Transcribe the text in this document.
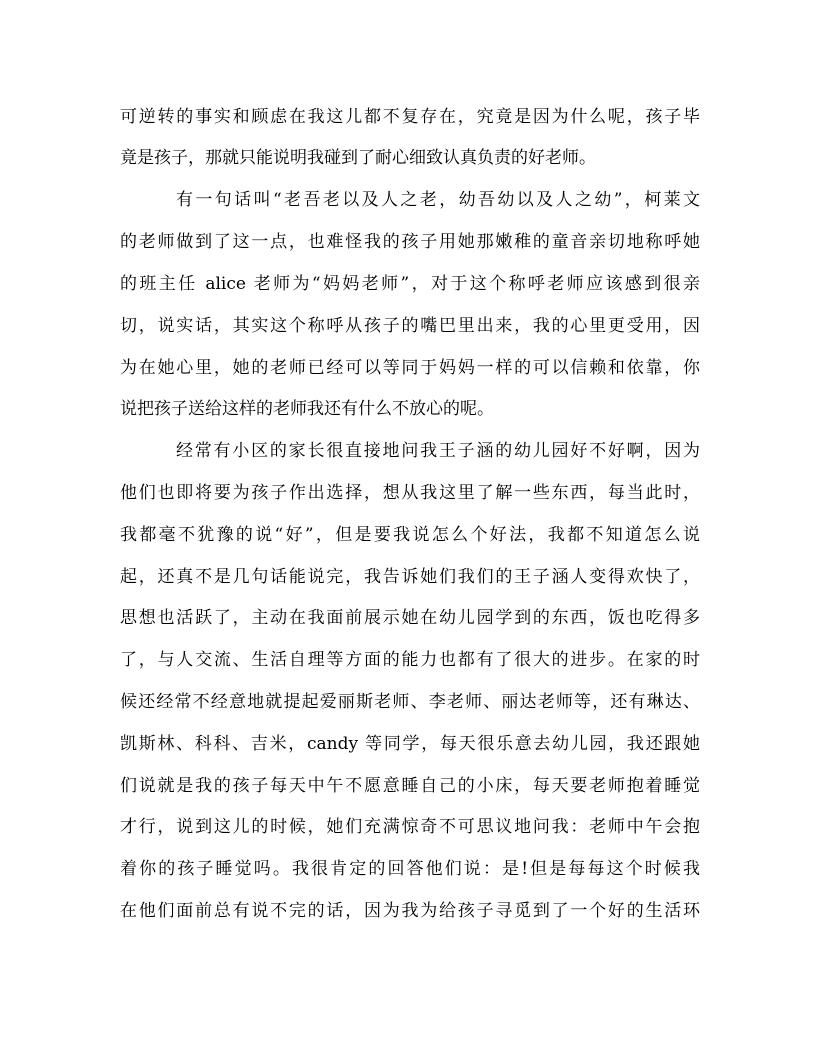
可逆转的事实和顾虑在我这儿都不复存在，究竟是因为什么呢，孩子毕
竟是孩子，那就只能说明我碰到了耐心细致认真负责的好老师。
有一句话叫“老吾老以及人之老，幼吾幼以及人之幼”，柯莱文
的老师做到了这一点，也难怪我的孩子用她那嫩稚的童音亲切地称呼她
的班主任 alice 老师为“妈妈老师”，对于这个称呼老师应该感到很亲
切，说实话，其实这个称呼从孩子的嘴巴里出来，我的心里更受用，因
为在她心里，她的老师已经可以等同于妈妈一样的可以信赖和依靠，你
说把孩子送给这样的老师我还有什么不放心的呢。
经常有小区的家长很直接地问我王子涵的幼儿园好不好啊，因为
他们也即将要为孩子作出选择，想从我这里了解一些东西，每当此时，
我都毫不犹豫的说“好”，但是要我说怎么个好法，我都不知道怎么说
起，还真不是几句话能说完，我告诉她们我们的王子涵人变得欢快了，
思想也活跃了，主动在我面前展示她在幼儿园学到的东西，饭也吃得多
了，与人交流、生活自理等方面的能力也都有了很大的进步。在家的时
候还经常不经意地就提起爱丽斯老师、李老师、丽达老师等，还有琳达、
凯斯林、科科、吉米，candy 等同学，每天很乐意去幼儿园，我还跟她
们说就是我的孩子每天中午不愿意睡自己的小床，每天要老师抱着睡觉
才行，说到这儿的时候，她们充满惊奇不可思议地问我：老师中午会抱
着你的孩子睡觉吗。我很肯定的回答他们说：是!但是每每这个时候我
在他们面前总有说不完的话，因为我为给孩子寻觅到了一个好的生活环
